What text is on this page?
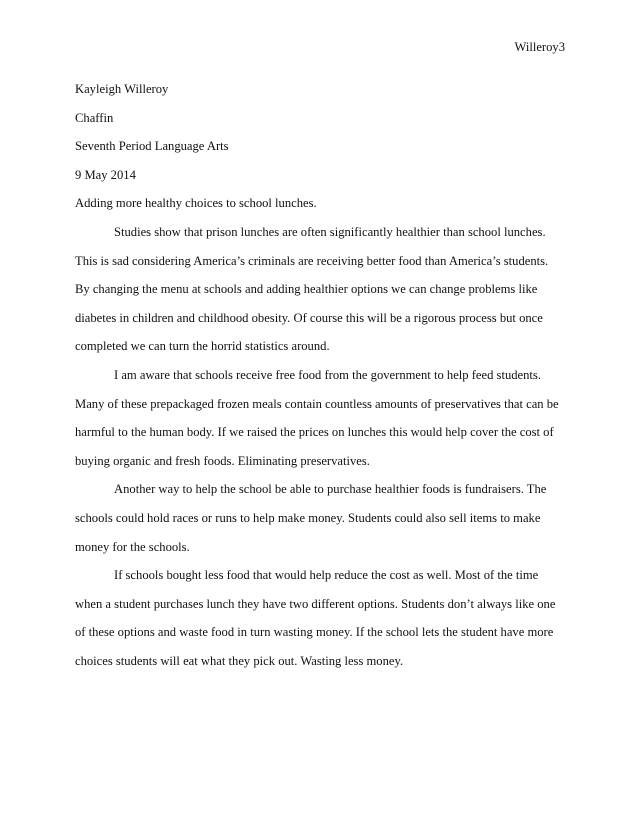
Willeroy3
Kayleigh Willeroy
Chaffin
Seventh Period Language Arts
9 May 2014
Adding more healthy choices to school lunches.
Studies show that prison lunches are often significantly healthier than school lunches.
This is sad considering America’s criminals are receiving better food than America’s students.
By changing the menu at schools and adding healthier options we can change problems like
diabetes in children and childhood obesity. Of course this will be a rigorous process but once
completed we can turn the horrid statistics around.
I am aware that schools receive free food from the government to help feed students.
Many of these prepackaged frozen meals contain countless amounts of preservatives that can be
harmful to the human body. If we raised the prices on lunches this would help cover the cost of
buying organic and fresh foods. Eliminating preservatives.
Another way to help the school be able to purchase healthier foods is fundraisers. The
schools could hold races or runs to help make money. Students could also sell items to make
money for the schools.
If schools bought less food that would help reduce the cost as well. Most of the time
when a student purchases lunch they have two different options. Students don’t always like one
of these options and waste food in turn wasting money. If the school lets the student have more
choices students will eat what they pick out. Wasting less money.
